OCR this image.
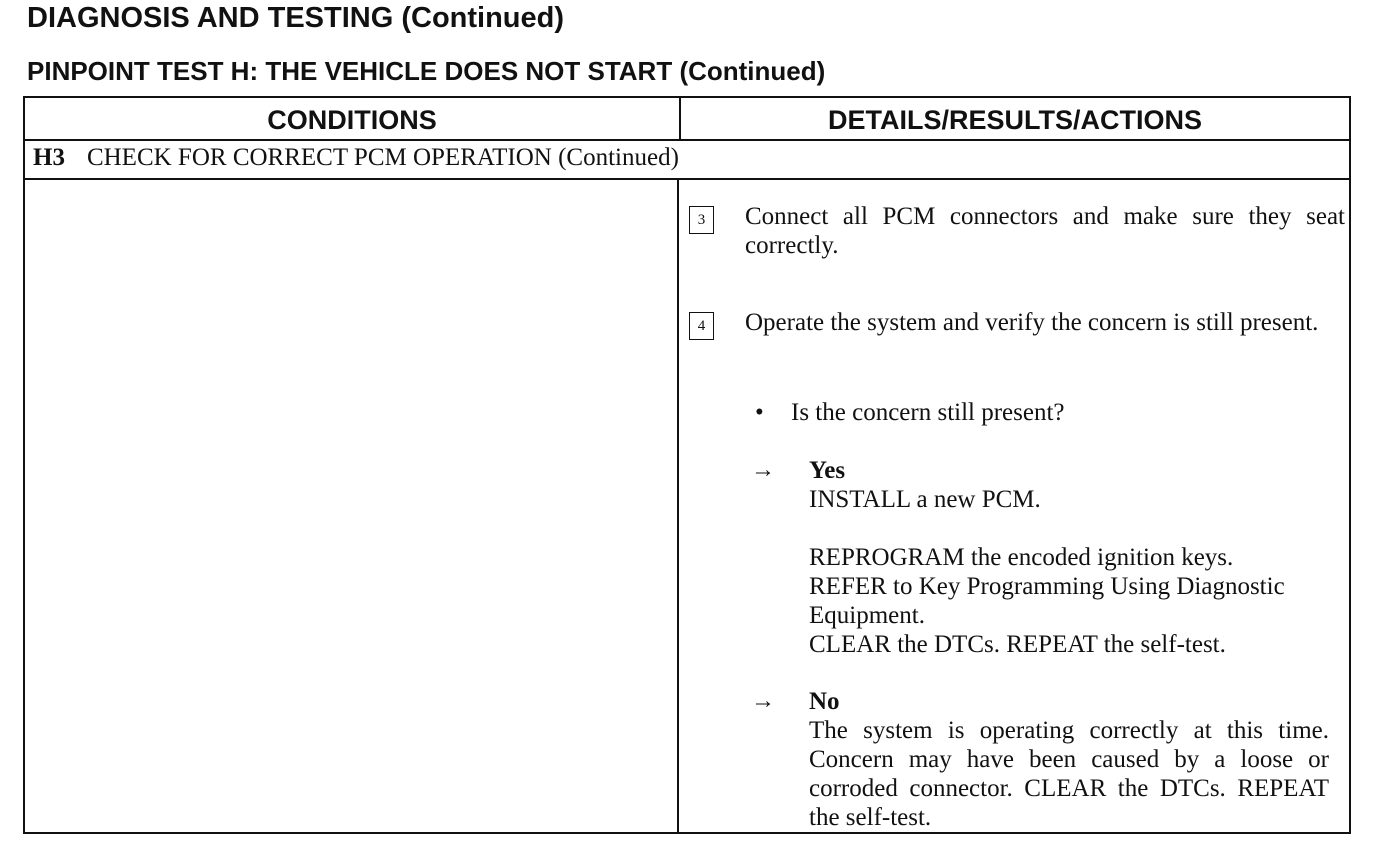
DIAGNOSIS AND TESTING (Continued)
PINPOINT TEST H: THE VEHICLE DOES NOT START (Continued)
CONDITIONS	DETAILS/RESULTS/ACTIONS
H3 CHECK FOR CORRECT PCM OPERATION (Continued)
3	Connect all PCM connectors and make sure they seat correctly.
4	Operate the system and verify the concern is still present.
• Is the concern still present?
→ Yes
INSTALL a new PCM.
REPROGRAM the encoded ignition keys.
REFER to Key Programming Using Diagnostic Equipment.
CLEAR the DTCs. REPEAT the self-test.
→ No
The system is operating correctly at this time. Concern may have been caused by a loose or corroded connector. CLEAR the DTCs. REPEAT the self-test.
